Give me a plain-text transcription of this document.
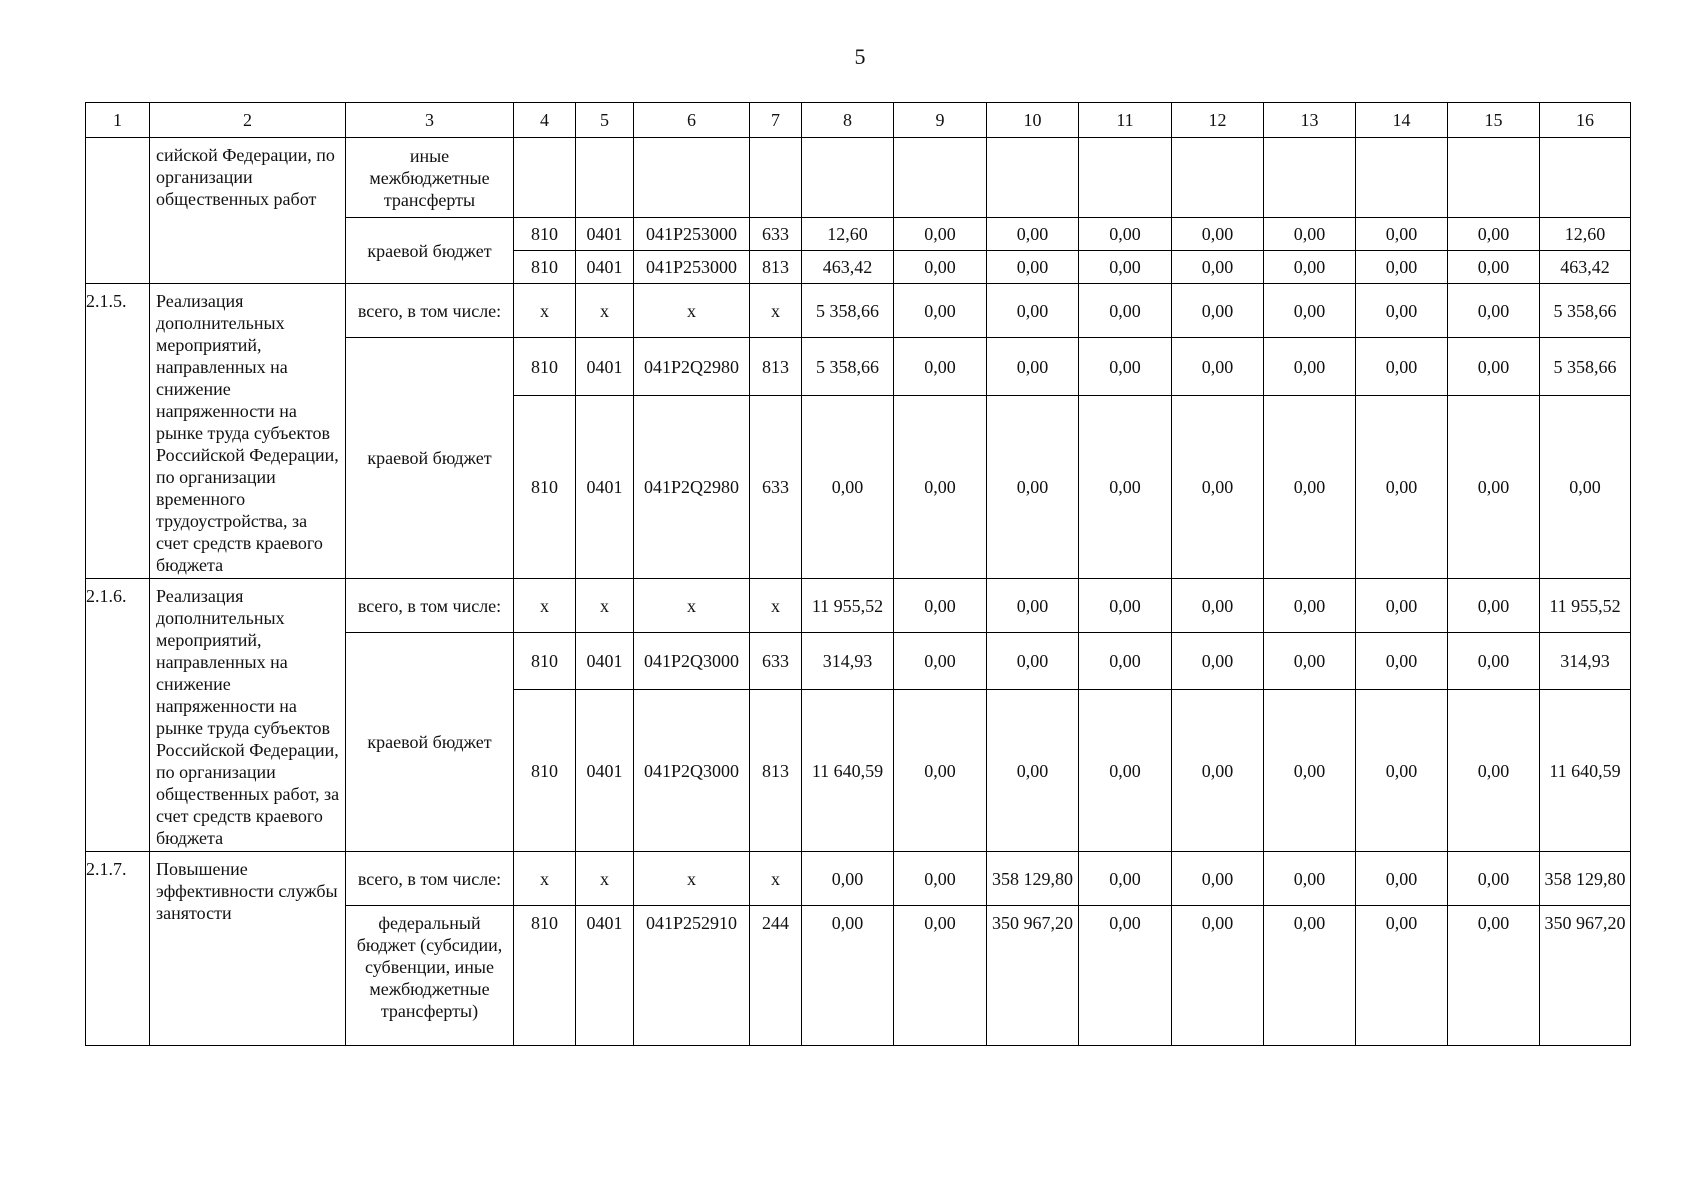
5
1	2	3	4	5	6	7	8	9	10	11	12	13	14	15	16
	сийской Федерации, по организации общественных работ	иные межбюджетные трансферты													
		краевой бюджет	810	0401	041P253000	633	12,60	0,00	0,00	0,00	0,00	0,00	0,00	0,00	12,60
			810	0401	041P253000	813	463,42	0,00	0,00	0,00	0,00	0,00	0,00	0,00	463,42
2.1.5.	Реализация дополнительных мероприятий, направленных на снижение напряженности на рынке труда субъектов Российской Федерации, по организации временного трудоустройства, за счет средств краевого бюджета	всего, в том числе:	х	х	х	х	5 358,66	0,00	0,00	0,00	0,00	0,00	0,00	0,00	5 358,66
		краевой бюджет	810	0401	041P2Q2980	813	5 358,66	0,00	0,00	0,00	0,00	0,00	0,00	0,00	5 358,66
			810	0401	041P2Q2980	633	0,00	0,00	0,00	0,00	0,00	0,00	0,00	0,00	0,00
2.1.6.	Реализация дополнительных мероприятий, направленных на снижение напряженности на рынке труда субъектов Российской Федерации, по организации общественных работ, за счет средств краевого бюджета	всего, в том числе:	х	х	х	х	11 955,52	0,00	0,00	0,00	0,00	0,00	0,00	0,00	11 955,52
		краевой бюджет	810	0401	041P2Q3000	633	314,93	0,00	0,00	0,00	0,00	0,00	0,00	0,00	314,93
			810	0401	041P2Q3000	813	11 640,59	0,00	0,00	0,00	0,00	0,00	0,00	0,00	11 640,59
2.1.7.	Повышение эффективности службы занятости	всего, в том числе:	х	х	х	х	0,00	0,00	358 129,80	0,00	0,00	0,00	0,00	0,00	358 129,80
		федеральный бюджет (субсидии, субвенции, иные межбюджетные трансферты)	810	0401	041P252910	244	0,00	0,00	350 967,20	0,00	0,00	0,00	0,00	0,00	350 967,20
